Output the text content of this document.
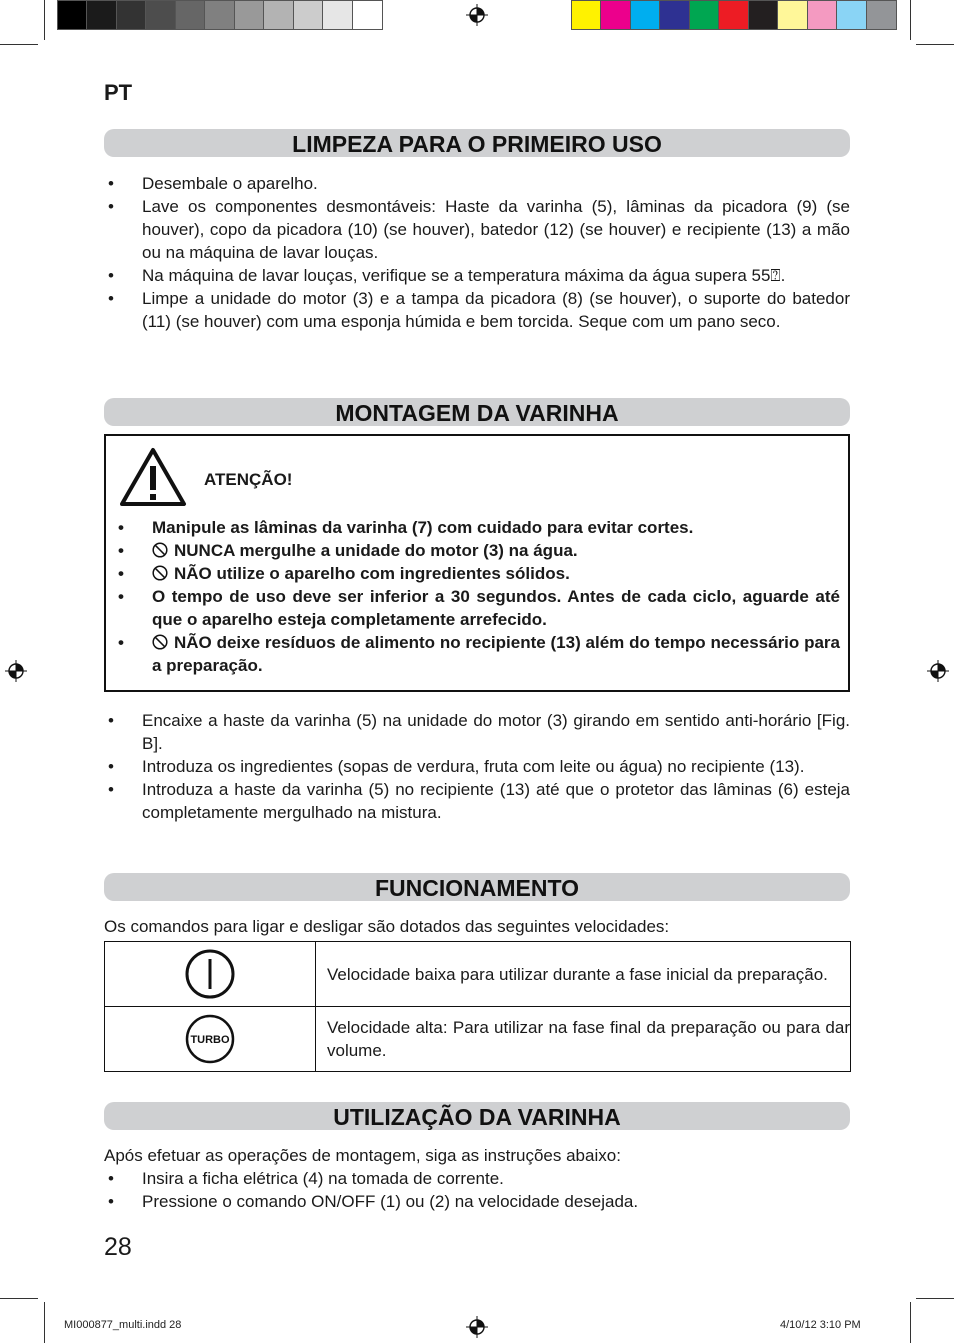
PT
LIMPEZA PARA O PRIMEIRO USO
• Desembale o aparelho.
• Lave os componentes desmontáveis: Haste da varinha (5), lâminas da picadora (9) (se houver), copo da picadora (10) (se houver), batedor (12) (se houver) e recipiente (13) a mão ou na máquina de lavar louças.
• Na máquina de lavar louças, verifique se a temperatura máxima da água supera 55⍰.
• Limpe a unidade do motor (3) e a tampa da picadora (8) (se houver), o suporte do batedor (11) (se houver) com uma esponja húmida e bem torcida. Seque com um pano seco.
MONTAGEM DA VARINHA
ATENÇÃO!
• Manipule as lâminas da varinha (7) com cuidado para evitar cortes.
• NUNCA mergulhe a unidade do motor (3) na água.
• NÃO utilize o aparelho com ingredientes sólidos.
• O tempo de uso deve ser inferior a 30 segundos. Antes de cada ciclo, aguarde até que o aparelho esteja completamente arrefecido.
• NÃO deixe resíduos de alimento no recipiente (13) além do tempo necessário para a preparação.
• Encaixe a haste da varinha (5) na unidade do motor (3) girando em sentido anti-horário [Fig. B].
• Introduza os ingredientes (sopas de verdura, fruta com leite ou água) no recipiente (13).
• Introduza a haste da varinha (5) no recipiente (13) até que o protetor das lâminas (6) esteja completamente mergulhado na mistura.
FUNCIONAMENTO
Os comandos para ligar e desligar são dotados das seguintes velocidades:
	Velocidade baixa para utilizar durante a fase inicial da preparação.

TURBO	Velocidade alta: Para utilizar na fase final da preparação ou para dar volume.
UTILIZAÇÃO DA VARINHA
Após efetuar as operações de montagem, siga as instruções abaixo:
• Insira a ficha elétrica (4) na tomada de corrente.
• Pressione o comando ON/OFF (1) ou (2) na velocidade desejada.
28
MI000877_multi.indd 28	4/10/12 3:10 PM
